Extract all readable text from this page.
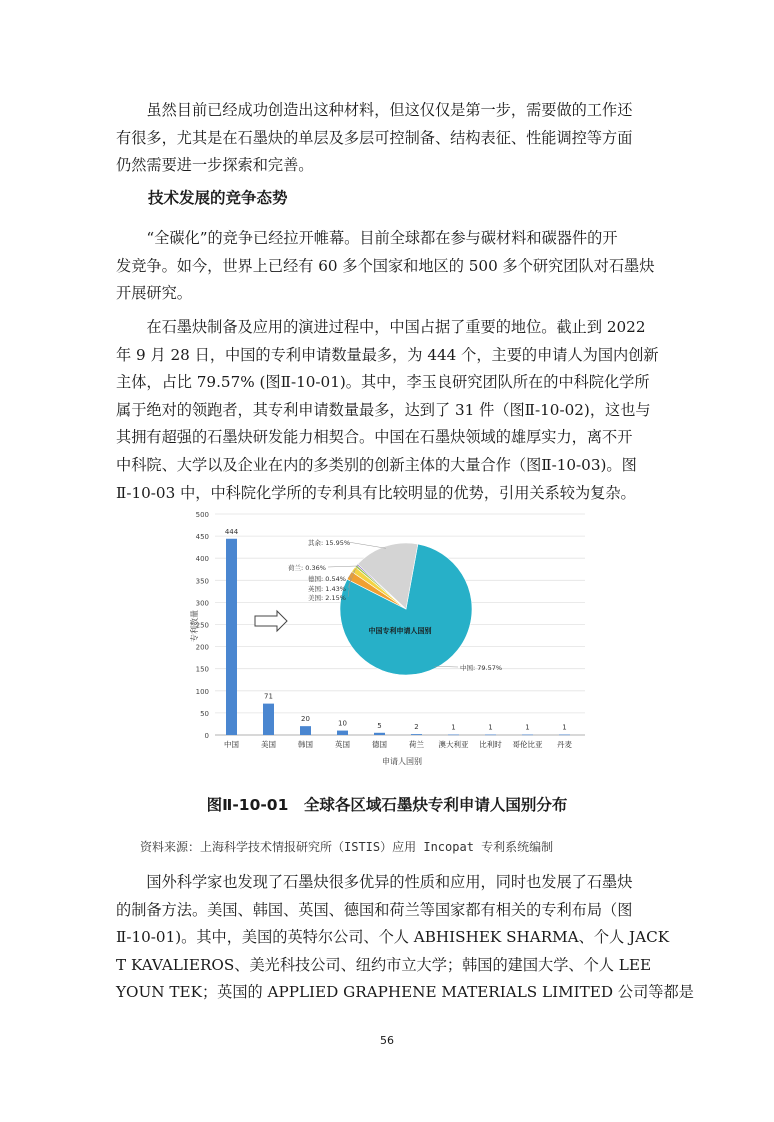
　　虽然目前已经成功创造出这种材料，但这仅仅是第一步，需要做的工作还
有很多，尤其是在石墨炔的单层及多层可控制备、结构表征、性能调控等方面
仍然需要进一步探索和完善。
技术发展的竞争态势
　　“全碳化”的竞争已经拉开帷幕。目前全球都在参与碳材料和碳器件的开
发竞争。如今，世界上已经有 60 多个国家和地区的 500 多个研究团队对石墨炔
开展研究。
　　在石墨炔制备及应用的演进过程中，中国占据了重要的地位。截止到 2022
年 9 月 28 日，中国的专利申请数量最多，为 444 个，主要的申请人为国内创新
主体，占比 79.57% (图Ⅱ-10-01)。其中，李玉良研究团队所在的中科院化学所
属于绝对的领跑者，其专利申请数量最多，达到了 31 件（图Ⅱ-10-02)，这也与
其拥有超强的石墨炔研发能力相契合。中国在石墨炔领域的雄厚实力，离不开
中科院、大学以及企业在内的多类别的创新主体的大量合作（图Ⅱ-10-03)。图
Ⅱ-10-03 中，中科院化学所的专利具有比较明显的优势，引用关系较为复杂。
0
50
100
150
200
250
300
350
400
450
500
444
中国
71
美国
20
韩国
10
英国
5
德国
2
荷兰
1
澳大利亚
1
比利时
1
哥伦比亚
1
丹麦
中国专利申请人国别
中国: 79.57%
美国: 2.15%
英国: 1.43%
德国: 0.54%
荷兰: 0.36%
其余: 15.95%
专利数量
申请人国别

图Ⅱ-10-01　全球各区域石墨炔专利申请人国别分布

资料来源：上海科学技术情报研究所（ISTIS）应用 Incopat 专利系统编制

　　国外科学家也发现了石墨炔很多优异的性质和应用，同时也发展了石墨炔
的制备方法。美国、韩国、英国、德国和荷兰等国家都有相关的专利布局（图
Ⅱ-10-01)。其中，美国的英特尔公司、个人 ABHISHEK SHARMA、个人 JACK
T KAVALIEROS、美光科技公司、纽约市立大学；韩国的建国大学、个人 LEE
YOUN TEK；英国的 APPLIED GRAPHENE MATERIALS LIMITED 公司等都是

56
